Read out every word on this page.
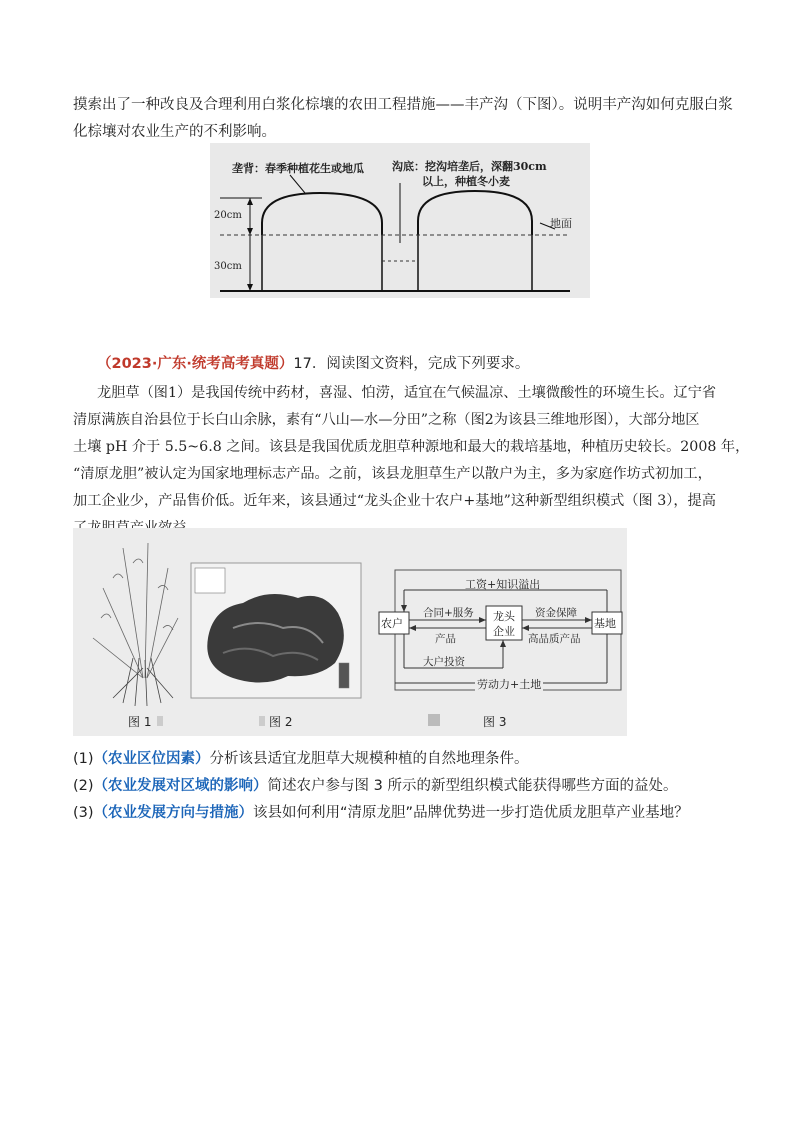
摸索出了一种改良及合理利用白浆化棕壤的农田工程措施——丰产沟（下图）。说明丰产沟如何克服白浆
化棕壤对农业生产的不利影响。
垄背：春季种植花生或地瓜	沟底：挖沟培垄后，深翻30cm
以上，种植冬小麦
20cm
30cm
地面
（2023·广东·统考高考真题）17．阅读图文资料，完成下列要求。
龙胆草（图1）是我国传统中药材，喜湿、怕涝，适宜在气候温凉、土壤微酸性的环境生长。辽宁省
清原满族自治县位于长白山余脉，素有“八山—水—分田”之称（图2为该县三维地形图），大部分地区
土壤 pH 介于 5.5~6.8 之间。该县是我国优质龙胆草种源地和最大的栽培基地，种植历史较长。2008 年，
“清原龙胆”被认定为国家地理标志产品。之前，该县龙胆草生产以散户为主，多为家庭作坊式初加工，
加工企业少，产品售价低。近年来，该县通过“龙头企业十农户+基地”这种新型组织模式（图 3），提高
农户
龙头
企业
基地
工资+知识溢出
合同+服务
产品
资金保障
高品质产品
大户投资
劳动力+土地
图 1	图 2	图 3
(1)（农业区位因素）分析该县适宜龙胆草大规模种植的自然地理条件。
(2)（农业发展对区域的影响）简述农户参与图 3 所示的新型组织模式能获得哪些方面的益处。
(3)（农业发展方向与措施）该县如何利用“清原龙胆”品牌优势进一步打造优质龙胆草产业基地？
